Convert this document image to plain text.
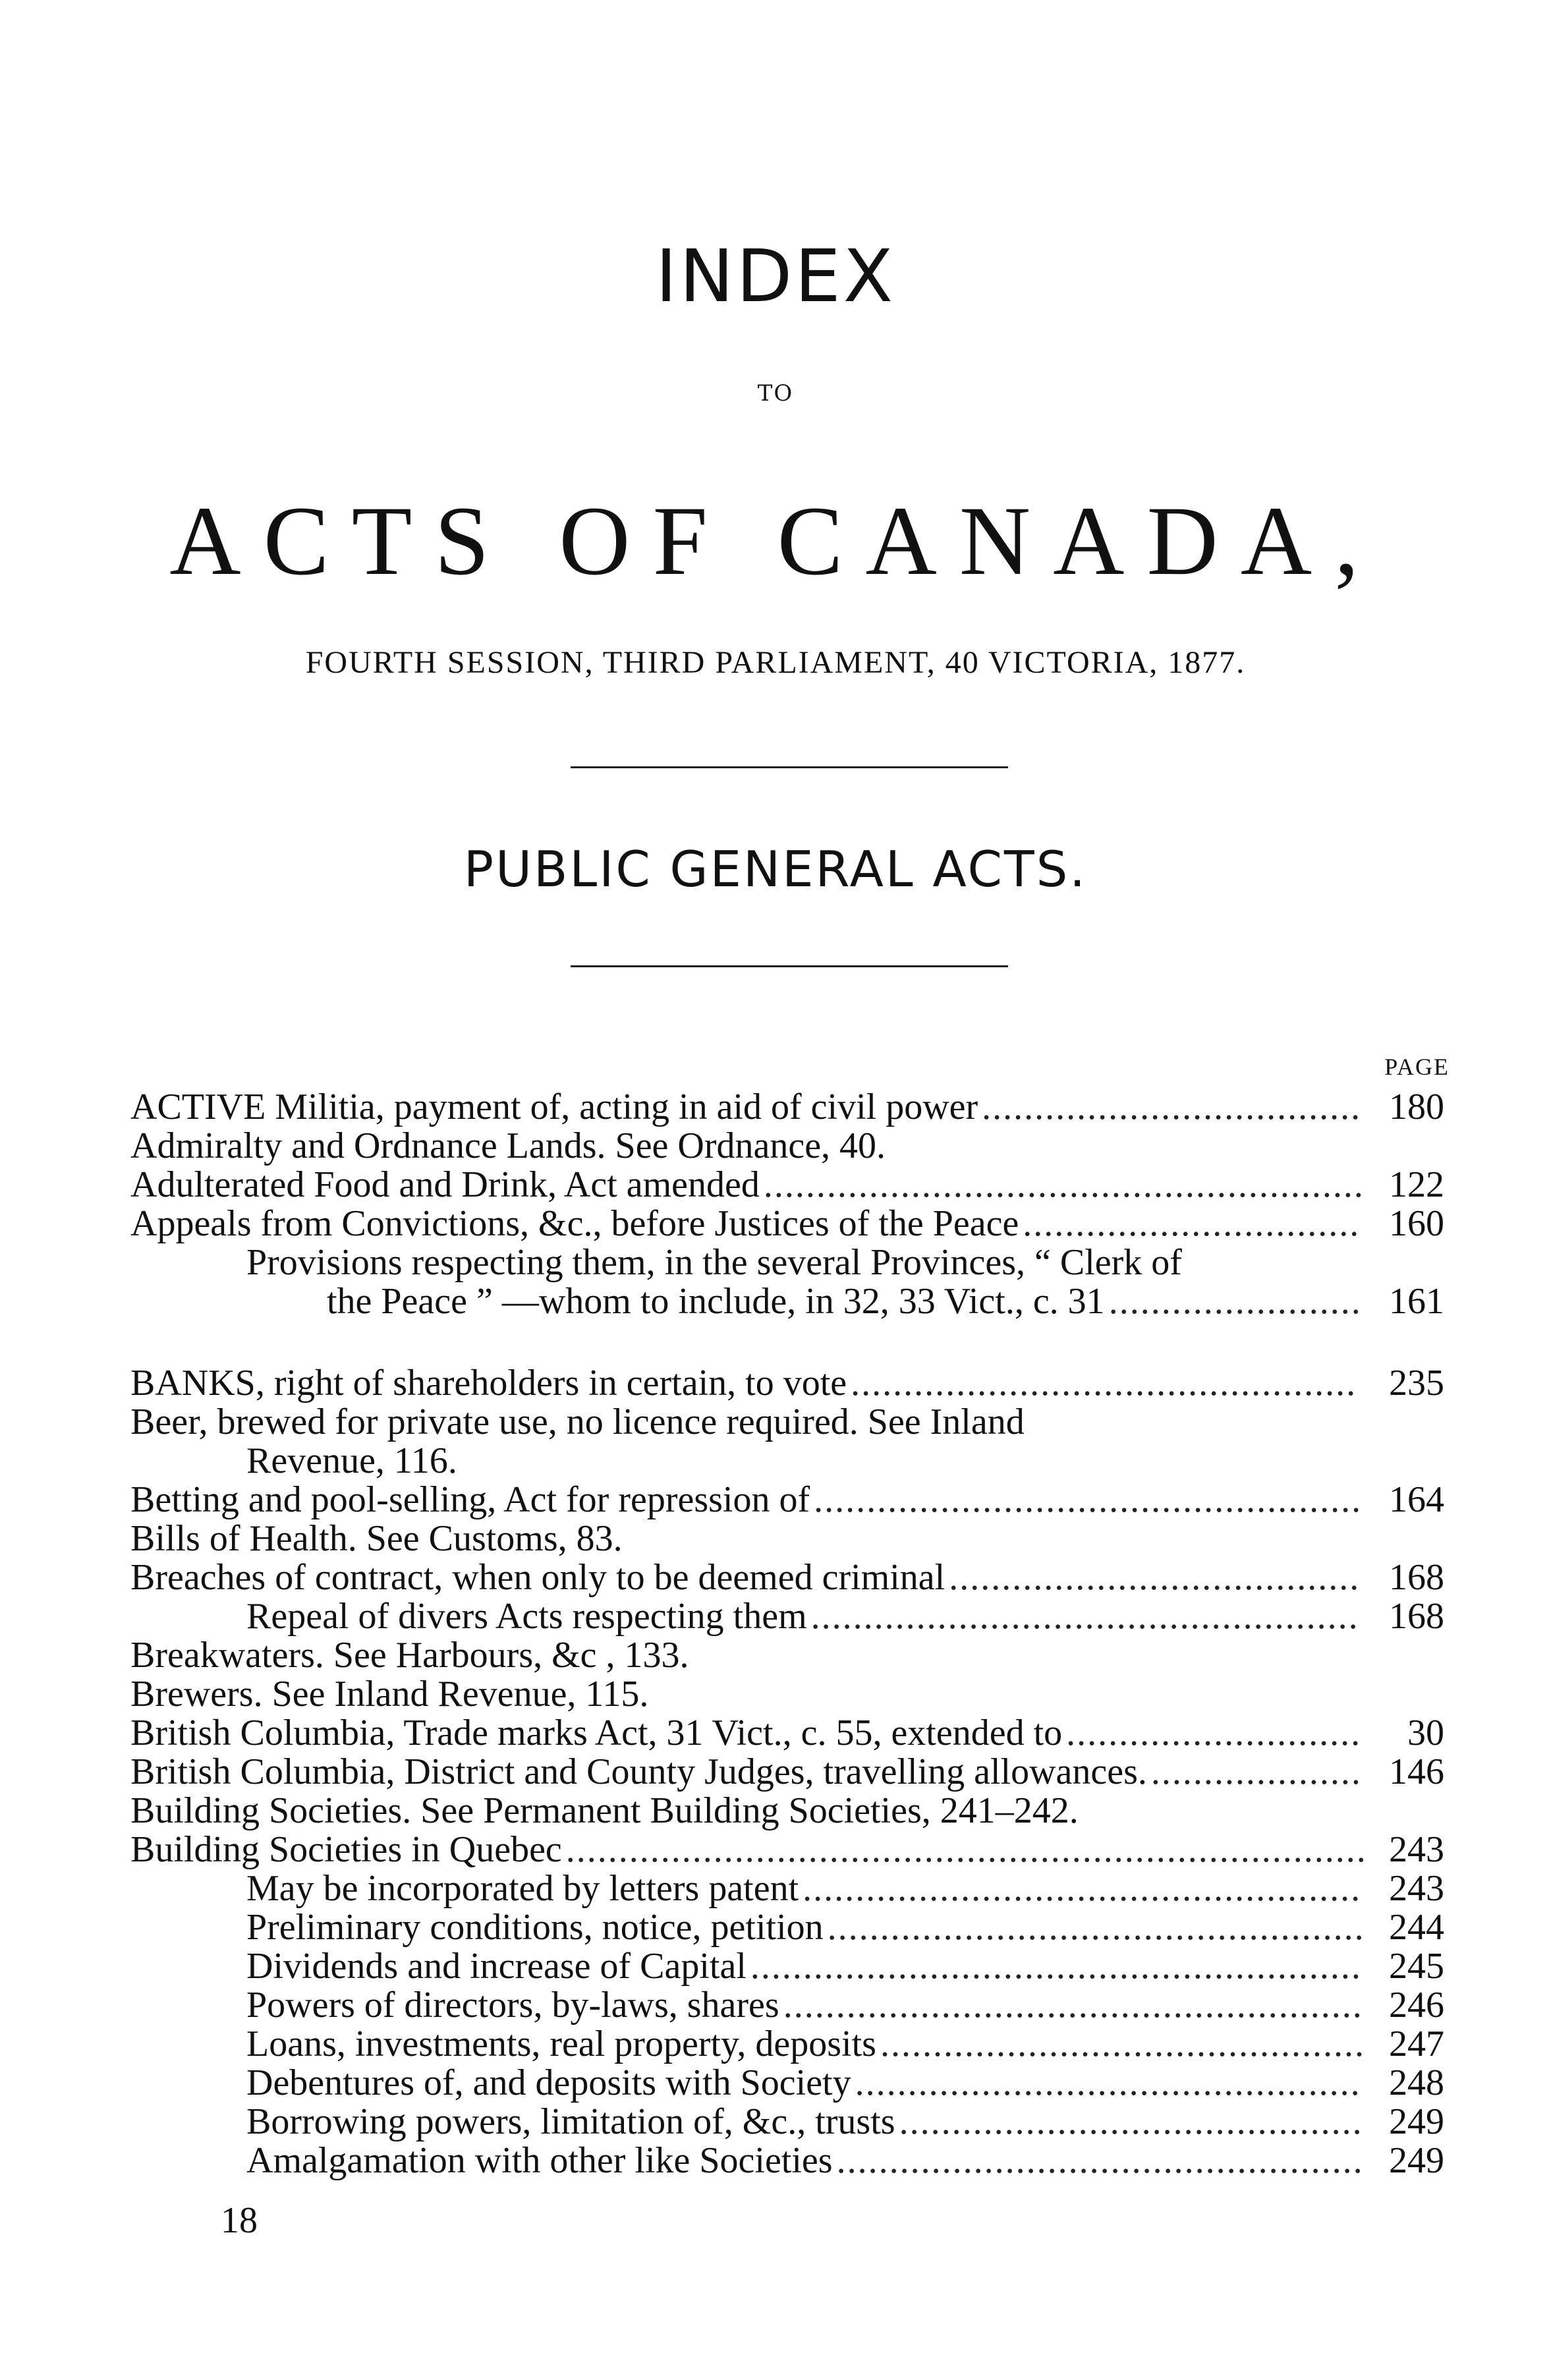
INDEX
TO
ACTS OF CANADA,
FOURTH SESSION, THIRD PARLIAMENT, 40 VICTORIA, 1877.
PUBLIC GENERAL ACTS.
PAGE
ACTIVE Militia, payment of, acting in aid of civil power	180
....................................
Admiralty and Ordnance Lands. See Ordnance, 40.
Adulterated Food and Drink, Act amended	122
.........................................................
Appeals from Convictions, &c., before Justices of the Peace	160
................................
Provisions respecting them, in the several Provinces, “ Clerk of
the Peace ” —whom to include, in 32, 33 Vict., c. 31	161
........................
BANKS, right of shareholders in certain, to vote	235
................................................
Beer, brewed for private use, no licence required. See Inland
Revenue, 116.
Betting and pool-selling, Act for repression of	164
....................................................
Bills of Health. See Customs, 83.
Breaches of contract, when only to be deemed criminal	168
.......................................
Repeal of divers Acts respecting them	168
....................................................
Breakwaters. See Harbours, &c , 133.
Brewers. See Inland Revenue, 115.
British Columbia, Trade marks Act, 31 Vict., c. 55, extended to	30
............................
British Columbia, District and County Judges, travelling allowances.	146
....................
Building Societies. See Permanent Building Societies, 241–242.
Building Societies in Quebec	243
............................................................................
May be incorporated by letters patent	243
.....................................................
Preliminary conditions, notice, petition	244
...................................................
Dividends and increase of Capital	245
..........................................................
Powers of directors, by-laws, shares	246
.......................................................
Loans, investments, real property, deposits	247
..............................................
Debentures of, and deposits with Society	248
................................................
Borrowing powers, limitation of, &c., trusts	249
............................................
Amalgamation with other like Societies	249
..................................................
18
